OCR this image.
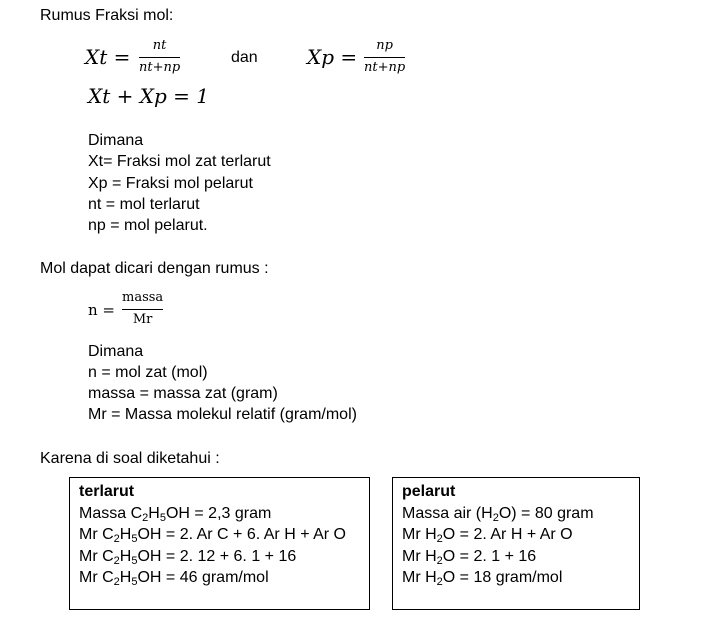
Rumus Fraksi mol:
Xt = nt
nt+np
dan Xp = np
nt+np
Xt + Xp = 1
Dimana
Xt= Fraksi mol zat terlarut
Xp = Fraksi mol pelarut
nt = mol terlarut
np = mol pelarut.
Mol dapat dicari dengan rumus :
n =
massa
Mr
Dimana
n = mol zat (mol)
massa = massa zat (gram)
Mr = Massa molekul relatif (gram/mol)
Karena di soal diketahui :
terlarut
Massa $C_2H_5OH = 2,3$ gram
Mr $C_2H_5OH = 2$. Ar C + 6. Ar H + Ar O
Mr $C_2H_5OH = 2$. 12 + 6. 1 + 16
Mr $C_2H_5OH = 46$ gram/mol
pelarut
Massa air $(H_2O) = 80$ gram
Mr $H_2O = 2$. Ar H + Ar O
Mr $H_2O = 2$. 1 + 16
Mr $H_2O = 18$ gram/mol
